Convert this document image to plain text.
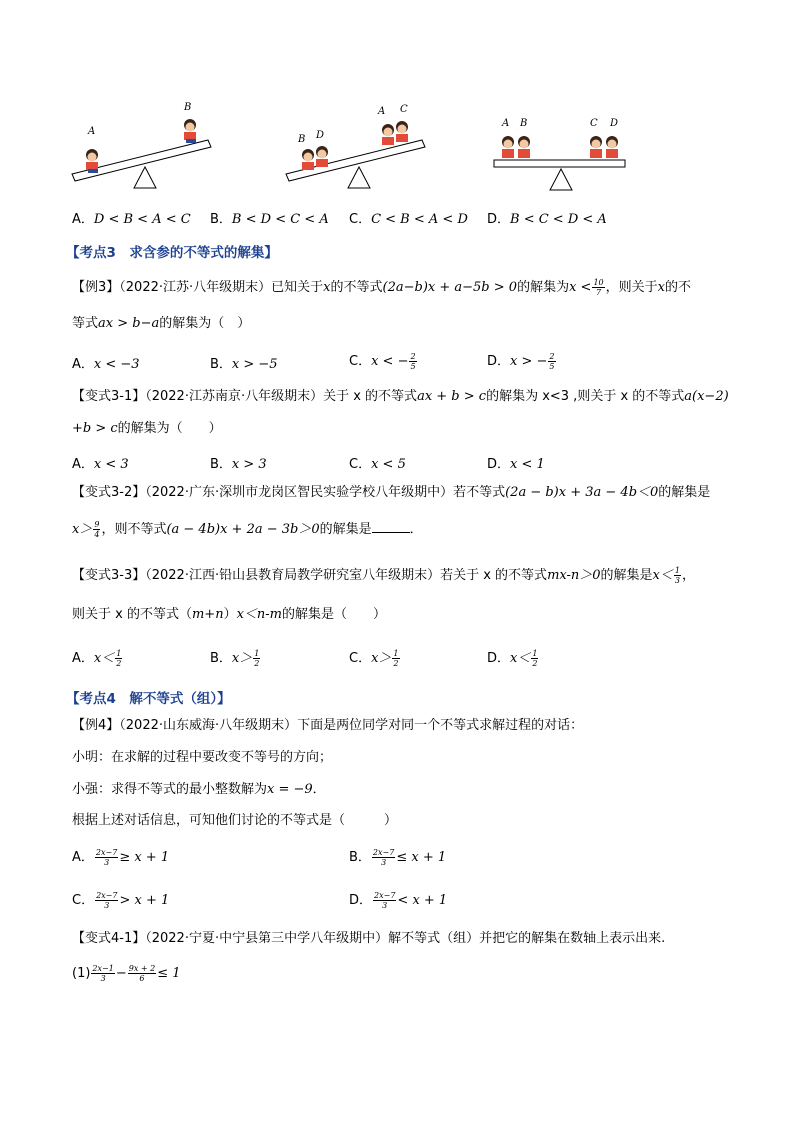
A
B
B D
A C
A B	C D
A．D < B < A < C B．B < D < C < A C．C < B < A < D D．B < C < D < A
【考点3　求含参的不等式的解集】
【例3】（2022·江苏·八年级期末）已知关于x的不等式(2a−b)x + a−5b > 0的解集为$x < \frac{10}{7}$ ，则关于x的不
等式ax > b−a的解集为（　）
A．x < −3	B．x > −5	C．x < − $\frac{2}{5}$	D．x > − $\frac{2}{5}$
【变式3-1】（2022·江苏南京·八年级期末）关于 x 的不等式ax + b > c的解集为 x<3 ,则关于 x 的不等式a(x−2)
+b > c的解集为（　　）
A．x < 3	B．x > 3	C．x < 5	D．x < 1
【变式3-2】（2022·广东·深圳市龙岗区智民实验学校八年级期中）若不等式(2a − b)x + 3a − 4b＜0的解集是
$x> \frac{9}{4}$ ，则不等式(a − 4b)x + 2a − 3b＞0的解集是	．
【变式3-3】（2022·江西·铅山县教育局教学研究室八年级期末）若关于 x 的不等式mx-n＞0的解集是$x< \frac{1}{3}$ ，
则关于 x 的不等式（m+n）x＜n-m的解集是（　　）
A．$x< \frac{1}{2}$	B．$x> \frac{1}{2}$	C．$x> \frac{1}{2}$	D．$x< \frac{1}{2}$
【考点4　解不等式（组）】
【例4】（2022·山东威海·八年级期末）下面是两位同学对同一个不等式求解过程的对话：
小明：在求解的过程中要改变不等号的方向；
小强：求得不等式的最小整数解为x = −9．
根据上述对话信息，可知他们讨论的不等式是（　　　）
A． $\frac{2x-7}{3} \ge x + 1$	B． $\frac{2x-7}{3} \le x + 1$
C． $\frac{2x-7}{3} > x + 1$	D． $\frac{2x-7}{3} < x + 1$
【变式4-1】（2022·宁夏·中宁县第三中学八年级期中）解不等式（组）并把它的解集在数轴上表示出来.
$(1) \frac{2x-1}{3} - \frac{9x + 2}{6} \le 1$
